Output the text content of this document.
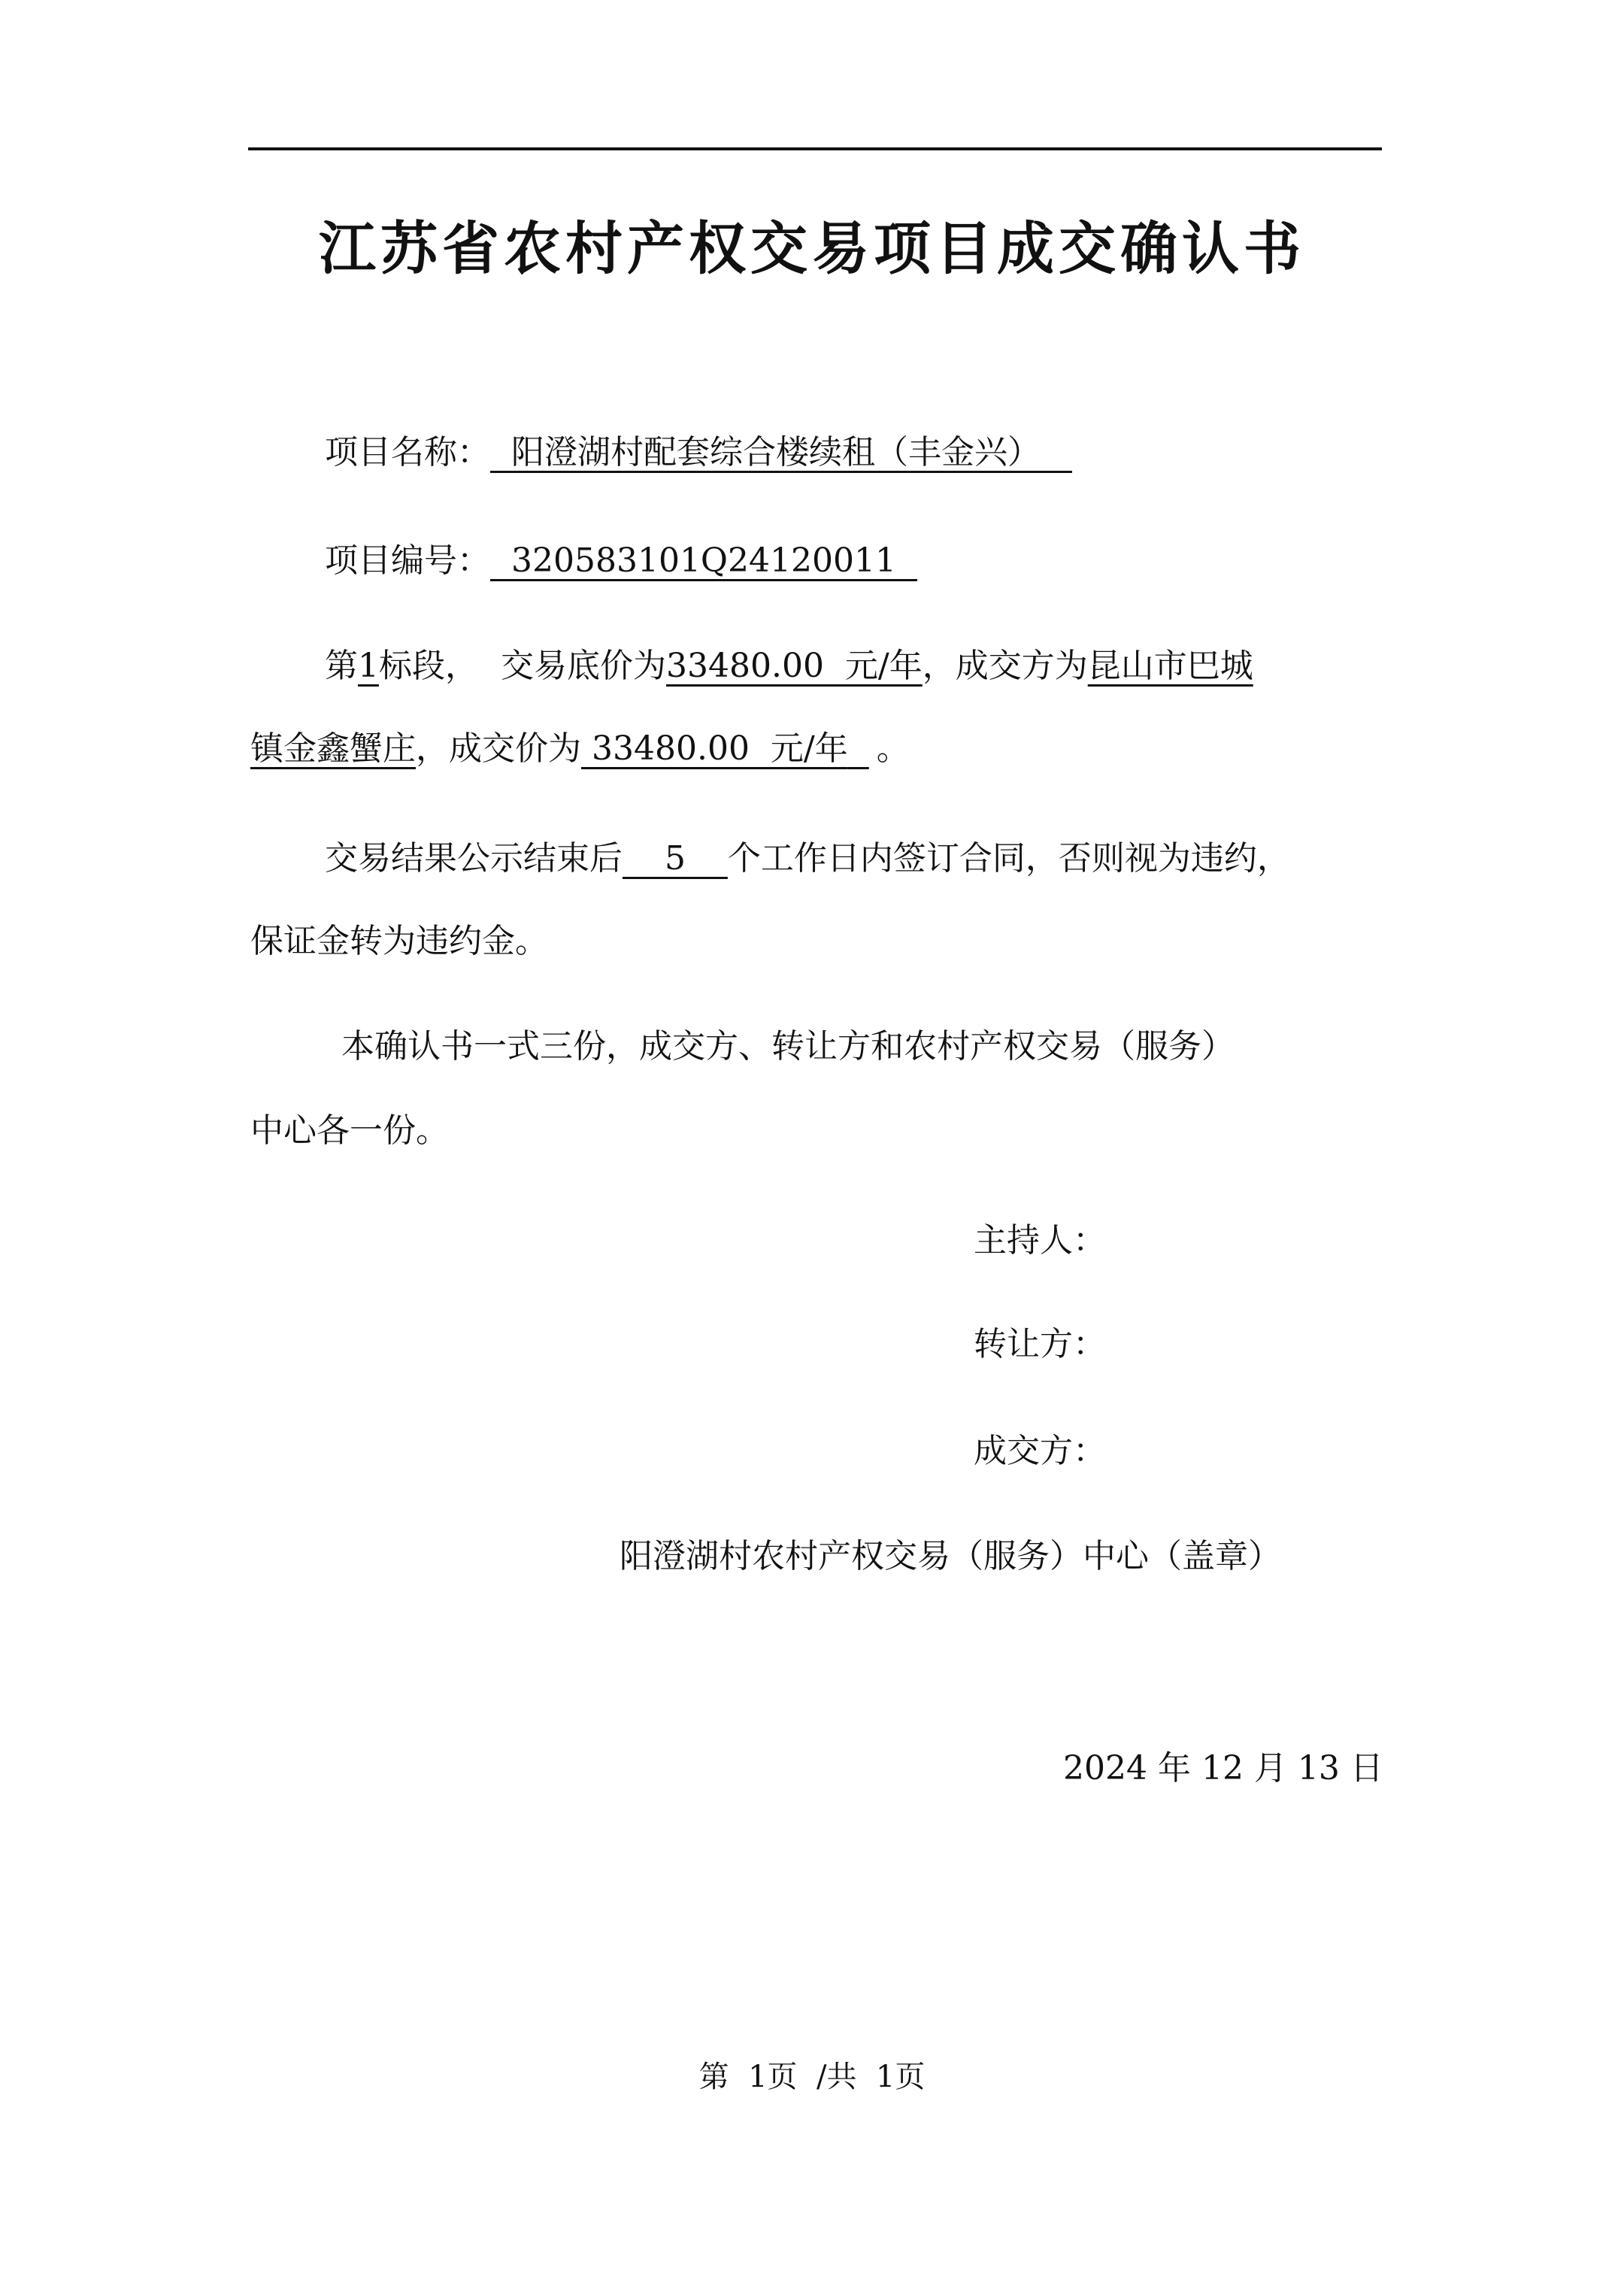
江苏省农村产权交易项目成交确认书
项目名称： 阳澄湖村配套综合楼续租（丰金兴）
项目编号： 320583101Q24120011
第1标段， 交易底价为33480.00  元/年，成交方为昆山市巴城
镇金鑫蟹庄，成交价为 33480.00  元/年 。
交易结果公示结束后 5 个工作日内签订合同，否则视为违约，
保证金转为违约金。
本确认书一式三份，成交方、转让方和农村产权交易（服务）
中心各一份。
主持人：
转让方：
成交方：
阳澄湖村农村产权交易（服务）中心（盖章）
2024 年 12 月 13 日
第  1页  /共  1页
